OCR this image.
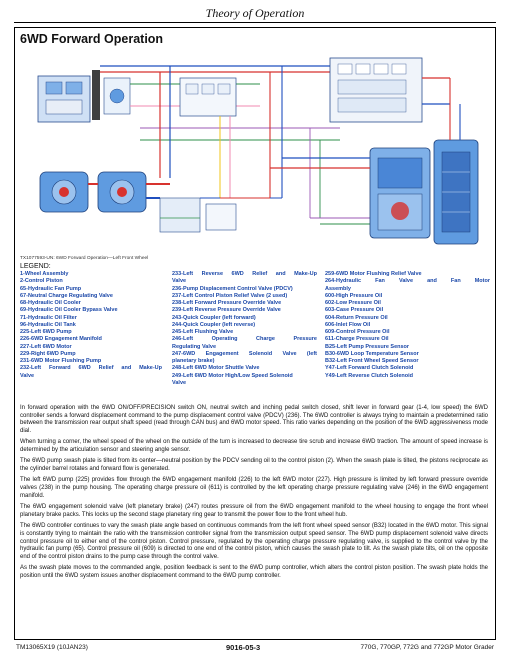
Theory of Operation
6WD Forward Operation
TX1077593-UN: 6WD Forward Operation—Left Front Wheel
LEGEND:
1-Wheel Assembly
2-Control Piston
65-Hydraulic Fan Pump
67-Neutral Charge Regulating Valve
68-Hydraulic Oil Cooler
69-Hydraulic Oil Cooler Bypass Valve
71-Hydraulic Oil Filter
96-Hydraulic Oil Tank
225-Left 6WD Pump
226-6WD Engagement Manifold
227-Left 6WD Motor
229-Right 6WD Pump
231-6WD Motor Flushing Pump
232-Left Forward 6WD Relief and Make-Up
Valve
233-Left Reverse 6WD Relief and Make-Up
Valve
236-Pump Displacement Control Valve (PDCV)
237-Left Control Piston Relief Valve (2 used)
238-Left Forward Pressure Override Valve
239-Left Reverse Pressure Override Valve
243-Quick Coupler (left forward)
244-Quick Coupler (left reverse)
245-Left Flushing Valve
246-Left Operating Charge Pressure
Regulating Valve
247-6WD Engagement Solenoid Valve (left
planetary brake)
248-Left 6WD Motor Shuttle Valve
249-Left 6WD Motor High/Low Speed Solenoid
Valve
259-6WD Motor Flushing Relief Valve
264-Hydraulic Fan Valve and Fan Motor
Assembly
600-High Pressure Oil
602-Low Pressure Oil
603-Case Pressure Oil
604-Return Pressure Oil
606-Inlet Flow Oil
609-Control Pressure Oil
611-Charge Pressure Oil
B25-Left Pump Pressure Sensor
B30-6WD Loop Temperature Sensor
B32-Left Front Wheel Speed Sensor
Y47-Left Forward Clutch Solenoid
Y49-Left Reverse Clutch Solenoid

In forward operation with the 6WD ON/OFF/PRECISION switch ON, neutral switch and inching pedal switch closed, shift lever in forward gear (1-4, low speed) the 6WD controller sends a forward displacement command to the pump displacement control valve (PDCV) (236). The 6WD controller is always trying to maintain a predetermined ratio between the transmission rear output shaft speed (read through CAN bus) and 6WD motor speed. This ratio varies depending on the position of the 6WD aggressiveness mode dial.

When turning a corner, the wheel speed of the wheel on the outside of the turn is increased to decrease tire scrub and increase 6WD traction. The amount of speed increase is determined by the articulation sensor and steering angle sensor.

The 6WD pump swash plate is tilted from its center—neutral position by the PDCV sending oil to the control piston (2). When the swash plate is tilted, the pistons reciprocate as the cylinder barrel rotates and forward flow is generated.

The left 6WD pump (225) provides flow through the 6WD engagement manifold (226) to the left 6WD motor (227). High pressure is limited by left forward pressure override valves (238) in the pump housing. The operating charge pressure oil (611) is controlled by the left operating charge pressure regulating valve (246) in the 6WD engagement manifold.

The 6WD engagement solenoid valve (left planetary brake) (247) routes pressure oil from the 6WD engagement manifold to the wheel housing to engage the front wheel planetary brake packs. This locks up the second stage planetary ring gear to transmit the power flow to the front wheel hub.

The 6WD controller continues to vary the swash plate angle based on continuous commands from the left front wheel speed sensor (B32) located in the 6WD motor. This signal is constantly trying to maintain the ratio with the transmission controller signal from the transmission output speed sensor. The 6WD pump displacement solenoid valve directs control pressure oil to either end of the control piston. Control pressure, regulated by the operating charge pressure regulating valve, is supplied to the control valve by the hydraulic fan pump (65). Control pressure oil (609) is directed to one end of the control piston, which causes the swash plate to tilt. As the swash plate tilts, oil on the opposite end of the control piston drains to the pump case through the control valve.

As the swash plate moves to the commanded angle, position feedback is sent to the 6WD pump controller, which alters the control piston position. The swash plate holds the position until the 6WD system issues another displacement command to the 6WD pump controller.

TM13065X19 (10JAN23)	9016-05-3	770G, 770GP, 772G and 772GP Motor Grader
